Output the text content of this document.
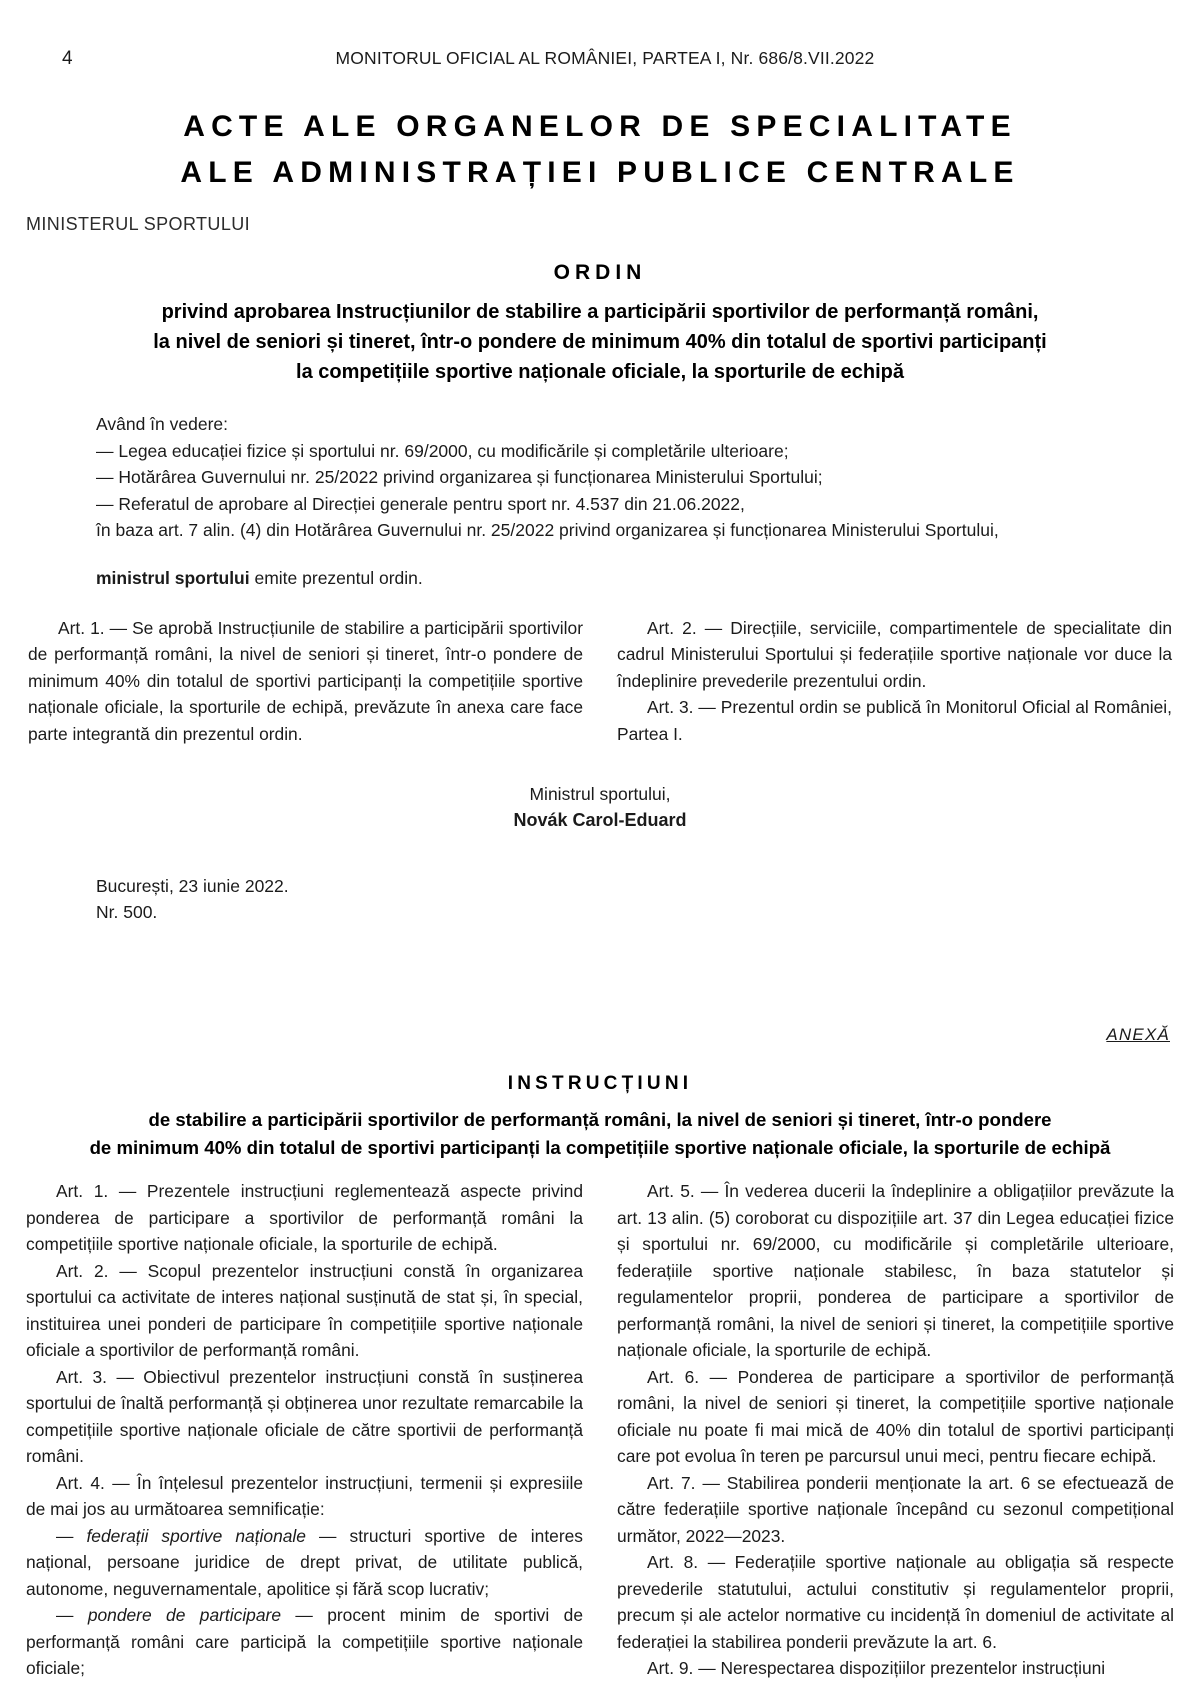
4	MONITORUL OFICIAL AL ROMÂNIEI, PARTEA I, Nr. 686/8.VII.2022
ACTE ALE ORGANELOR DE SPECIALITATE
ALE ADMINISTRAȚIEI PUBLICE CENTRALE
MINISTERUL SPORTULUI
ORDIN
privind aprobarea Instrucțiunilor de stabilire a participării sportivilor de performanță români,
la nivel de seniori și tineret, într-o pondere de minimum 40% din totalul de sportivi participanți
la competițiile sportive naționale oficiale, la sporturile de echipă
Având în vedere:
— Legea educației fizice și sportului nr. 69/2000, cu modificările și completările ulterioare;
— Hotărârea Guvernului nr. 25/2022 privind organizarea și funcționarea Ministerului Sportului;
— Referatul de aprobare al Direcției generale pentru sport nr. 4.537 din 21.06.2022,
în baza art. 7 alin. (4) din Hotărârea Guvernului nr. 25/2022 privind organizarea și funcționarea Ministerului Sportului,
ministrul sportului emite prezentul ordin.

Art. 1. — Se aprobă Instrucțiunile de stabilire a participării sportivilor de performanță români, la nivel de seniori și tineret, într-o pondere de minimum 40% din totalul de sportivi participanți la competițiile sportive naționale oficiale, la sporturile de echipă, prevăzute în anexa care face parte integrantă din prezentul ordin.

Art. 2. — Direcțiile, serviciile, compartimentele de specialitate din cadrul Ministerului Sportului și federațiile sportive naționale vor duce la îndeplinire prevederile prezentului ordin.

Art. 3. — Prezentul ordin se publică în Monitorul Oficial al României, Partea I.

Ministrul sportului,
Novák Carol-Eduard
București, 23 iunie 2022.
Nr. 500.
ANEXĂ
INSTRUCȚIUNI
de stabilire a participării sportivilor de performanță români, la nivel de seniori și tineret, într-o pondere
de minimum 40% din totalul de sportivi participanți la competițiile sportive naționale oficiale, la sporturile de echipă

Art. 1. — Prezentele instrucțiuni reglementează aspecte privind ponderea de participare a sportivilor de performanță români la competițiile sportive naționale oficiale, la sporturile de echipă.

Art. 2. — Scopul prezentelor instrucțiuni constă în organizarea sportului ca activitate de interes național susținută de stat și, în special, instituirea unei ponderi de participare în competițiile sportive naționale oficiale a sportivilor de performanță români.

Art. 3. — Obiectivul prezentelor instrucțiuni constă în susținerea sportului de înaltă performanță și obținerea unor rezultate remarcabile la competițiile sportive naționale oficiale de către sportivii de performanță români.

Art. 4. — În înțelesul prezentelor instrucțiuni, termenii și expresiile de mai jos au următoarea semnificație:

— federații sportive naționale — structuri sportive de interes național, persoane juridice de drept privat, de utilitate publică, autonome, neguvernamentale, apolitice și fără scop lucrativ;

— pondere de participare — procent minim de sportivi de performanță români care participă la competițiile sportive naționale oficiale;

Art. 5. — În vederea ducerii la îndeplinire a obligațiilor prevăzute la art. 13 alin. (5) coroborat cu dispozițiile art. 37 din Legea educației fizice și sportului nr. 69/2000, cu modificările și completările ulterioare, federațiile sportive naționale stabilesc, în baza statutelor și regulamentelor proprii, ponderea de participare a sportivilor de performanță români, la nivel de seniori și tineret, la competițiile sportive naționale oficiale, la sporturile de echipă.

Art. 6. — Ponderea de participare a sportivilor de performanță români, la nivel de seniori și tineret, la competițiile sportive naționale oficiale nu poate fi mai mică de 40% din totalul de sportivi participanți care pot evolua în teren pe parcursul unui meci, pentru fiecare echipă.

Art. 7. — Stabilirea ponderii menționate la art. 6 se efectuează de către federațiile sportive naționale începând cu sezonul competițional următor, 2022—2023.

Art. 8. — Federațiile sportive naționale au obligația să respecte prevederile statutului, actului constitutiv și regulamentelor proprii, precum și ale actelor normative cu incidență în domeniul de activitate al federației la stabilirea ponderii prevăzute la art. 6.

Art. 9. — Nerespectarea dispozițiilor prezentelor instrucțiuni
